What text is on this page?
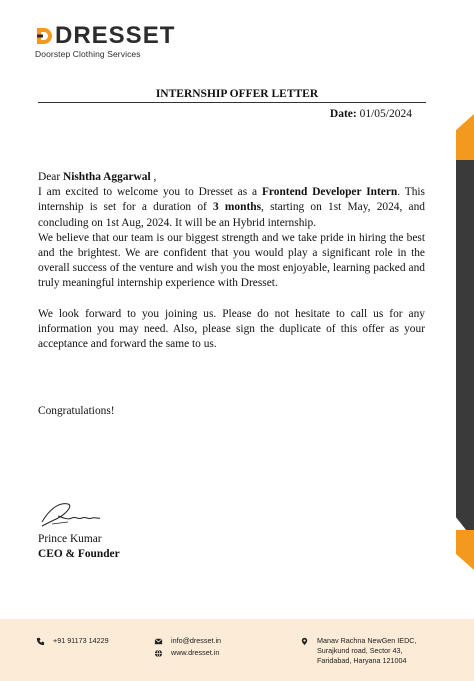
DRESSET
Doorstep Clothing Services
INTERNSHIP OFFER LETTER
Date: 01/05/2024
Dear Nishtha Aggarwal ,
I am excited to welcome you to Dresset as a Frontend Developer Intern. This internship is set for a duration of 3 months, starting on 1st May, 2024, and concluding on 1st Aug, 2024. It will be an Hybrid internship.
We believe that our team is our biggest strength and we take pride in hiring the best and the brightest. We are confident that you would play a significant role in the overall success of the venture and wish you the most enjoyable, learning packed and truly meaningful internship experience with Dresset.
We look forward to you joining us. Please do not hesitate to call us for any information you may need. Also, please sign the duplicate of this offer as your acceptance and forward the same to us.
Congratulations!
Prince Kumar
CEO & Founder
+91 91173 14229	info@dresset.in
www.dresset.in
Manav Rachna NewGen IEDC,
Surajkund road, Sector 43,
Faridabad, Haryana 121004
